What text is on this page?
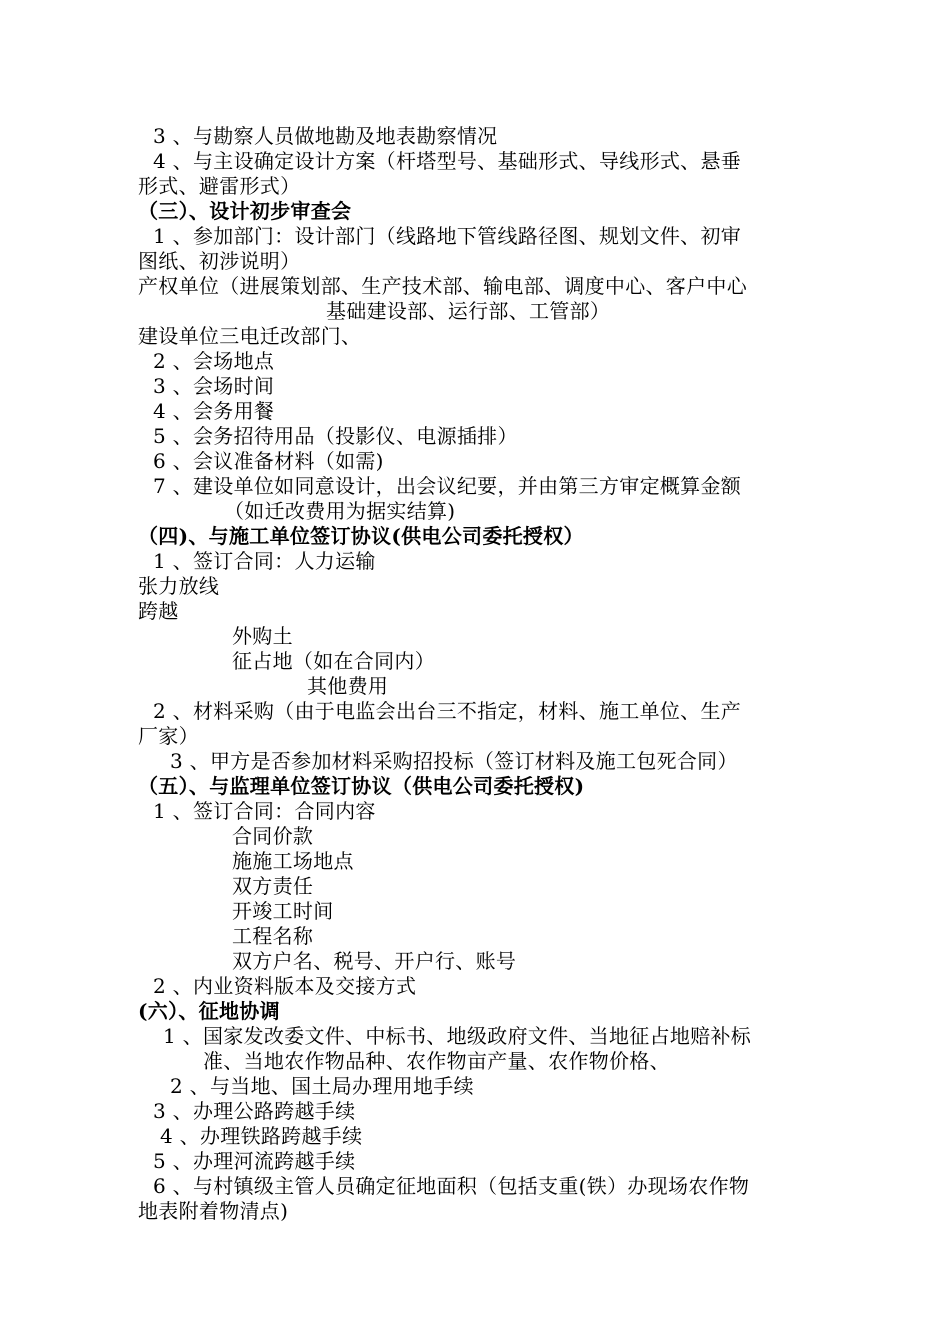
3 、与勘察人员做地勘及地表勘察情况
4 、与主设确定设计方案（杆塔型号、基础形式、导线形式、悬垂
形式、避雷形式）
（三）、设计初步审查会
1 、参加部门：设计部门（线路地下管线路径图、规划文件、初审
图纸、初涉说明）
产权单位（进展策划部、生产技术部、输电部、调度中心、客户中心
基础建设部、运行部、工管部）
建设单位三电迁改部门、
2 、会场地点
3 、会场时间
4 、会务用餐
5 、会务招待用品（投影仪、电源插排）
6 、会议准备材料（如需)
7 、建设单位如同意设计，出会议纪要，并由第三方审定概算金额
（如迁改费用为据实结算)
（四)、与施工单位签订协议(供电公司委托授权）
1 、签订合同：人力运输
张力放线
跨越
外购土
征占地（如在合同内）
其他费用
2 、材料采购（由于电监会出台三不指定，材料、施工单位、生产
厂家）
3 、甲方是否参加材料采购招投标（签订材料及施工包死合同）
（五）、与监理单位签订协议（供电公司委托授权)
1 、签订合同：合同内容
合同价款
施施工场地点
双方责任
开竣工时间
工程名称
双方户名、税号、开户行、账号
2 、内业资料版本及交接方式
(六）、征地协调
1 、国家发改委文件、中标书、地级政府文件、当地征占地赔补标
准、当地农作物品种、农作物亩产量、农作物价格、
2 、与当地、国土局办理用地手续
3 、办理公路跨越手续
4 、办理铁路跨越手续
5 、办理河流跨越手续
6 、与村镇级主管人员确定征地面积（包括支重(铁）办现场农作物
地表附着物清点)
